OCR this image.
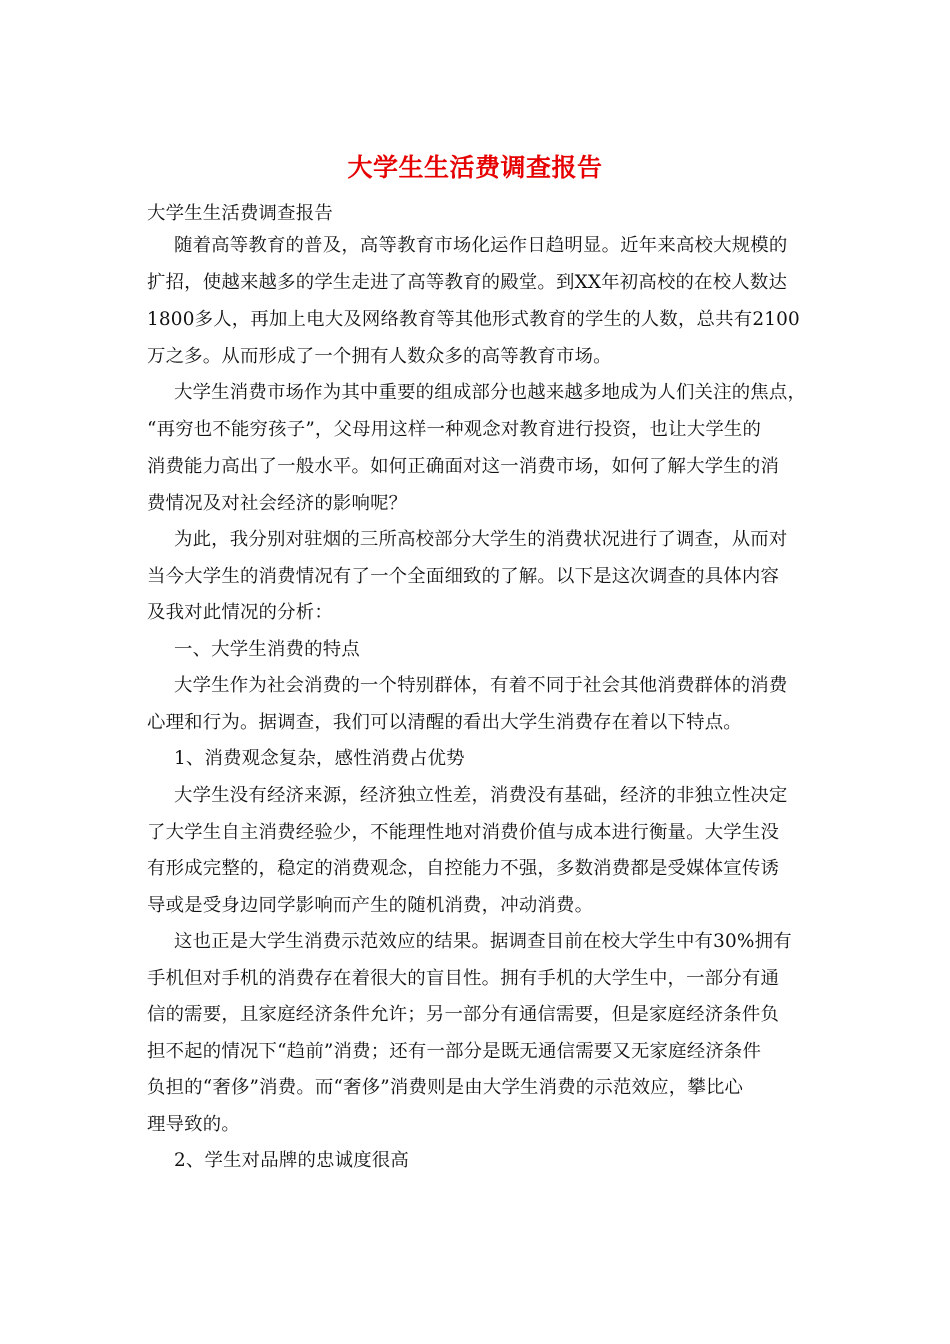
大学生生活费调查报告
大学生生活费调查报告
随着高等教育的普及，高等教育市场化运作日趋明显。近年来高校大规模的
扩招，使越来越多的学生走进了高等教育的殿堂。到XX年初高校的在校人数达
1800多人，再加上电大及网络教育等其他形式教育的学生的人数，总共有2100
万之多。从而形成了一个拥有人数众多的高等教育市场。
大学生消费市场作为其中重要的组成部分也越来越多地成为人们关注的焦点，
“再穷也不能穷孩子”，父母用这样一种观念对教育进行投资，也让大学生的
消费能力高出了一般水平。如何正确面对这一消费市场，如何了解大学生的消
费情况及对社会经济的影响呢？
为此，我分别对驻烟的三所高校部分大学生的消费状况进行了调查，从而对
当今大学生的消费情况有了一个全面细致的了解。以下是这次调查的具体内容
及我对此情况的分析：
一、大学生消费的特点
大学生作为社会消费的一个特别群体，有着不同于社会其他消费群体的消费
心理和行为。据调查，我们可以清醒的看出大学生消费存在着以下特点。
1、消费观念复杂，感性消费占优势
大学生没有经济来源，经济独立性差，消费没有基础，经济的非独立性决定
了大学生自主消费经验少，不能理性地对消费价值与成本进行衡量。大学生没
有形成完整的，稳定的消费观念，自控能力不强，多数消费都是受媒体宣传诱
导或是受身边同学影响而产生的随机消费，冲动消费。
这也正是大学生消费示范效应的结果。据调查目前在校大学生中有30%拥有
手机但对手机的消费存在着很大的盲目性。拥有手机的大学生中，一部分有通
信的需要，且家庭经济条件允许；另一部分有通信需要，但是家庭经济条件负
担不起的情况下“趋前”消费；还有一部分是既无通信需要又无家庭经济条件
负担的“奢侈”消费。而“奢侈”消费则是由大学生消费的示范效应，攀比心
理导致的。
2、学生对品牌的忠诚度很高
